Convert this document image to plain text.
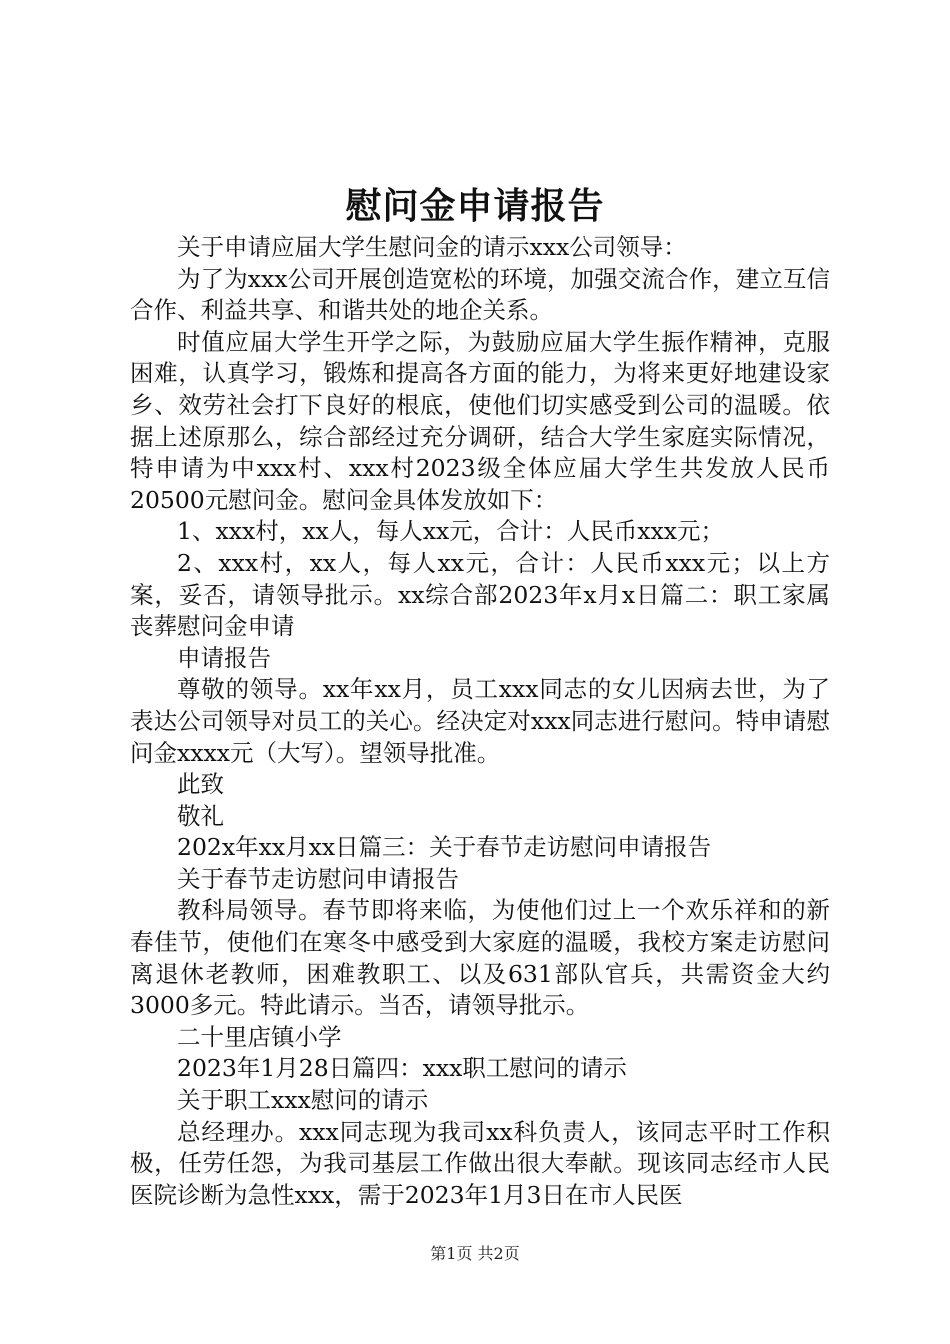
慰问金申请报告

关于申请应届大学生慰问金的请示xxx公司领导：

为了为xxx公司开展创造宽松的环境，加强交流合作，建立互信合作、利益共享、和谐共处的地企关系。

时值应届大学生开学之际，为鼓励应届大学生振作精神，克服困难，认真学习，锻炼和提高各方面的能力，为将来更好地建设家乡、效劳社会打下良好的根底，使他们切实感受到公司的温暖。依据上述原那么，综合部经过充分调研，结合大学生家庭实际情况，特申请为中xxx村、xxx村2023级全体应届大学生共发放人民币20500元慰问金。慰问金具体发放如下：

1、xxx村，xx人，每人xx元，合计：人民币xxx元；

2、xxx村，xx人，每人xx元，合计：人民币xxx元；以上方案，妥否，请领导批示。xx综合部2023年x月x日篇二：职工家属丧葬慰问金申请

申请报告

尊敬的领导。xx年xx月，员工xxx同志的女儿因病去世，为了表达公司领导对员工的关心。经决定对xxx同志进行慰问。特申请慰问金xxxx元（大写）。望领导批准。

此致

敬礼

202x年xx月xx日篇三：关于春节走访慰问申请报告

关于春节走访慰问申请报告

教科局领导。春节即将来临，为使他们过上一个欢乐祥和的新春佳节，使他们在寒冬中感受到大家庭的温暖，我校方案走访慰问离退休老教师，困难教职工、以及631部队官兵，共需资金大约3000多元。特此请示。当否，请领导批示。

二十里店镇小学

2023年1月28日篇四：xxx职工慰问的请示

关于职工xxx慰问的请示

总经理办。xxx同志现为我司xx科负责人，该同志平时工作积极，任劳任怨，为我司基层工作做出很大奉献。现该同志经市人民医院诊断为急性xxx，需于2023年1月3日在市人民医

第1页 共2页
